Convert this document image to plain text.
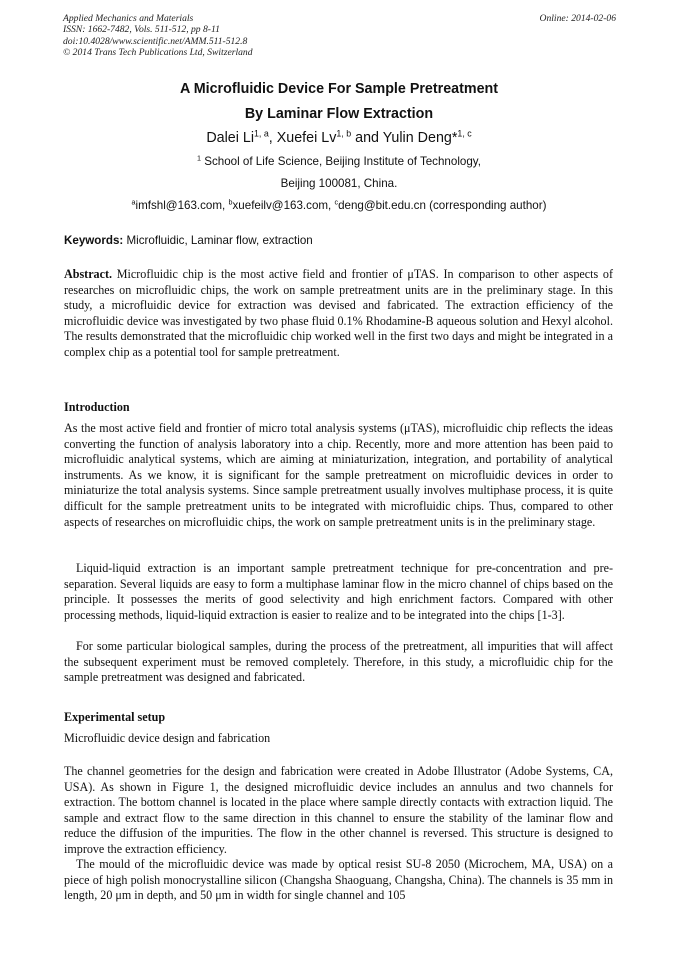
Applied Mechanics and Materials
ISSN: 1662-7482, Vols. 511-512, pp 8-11
doi:10.4028/www.scientific.net/AMM.511-512.8
© 2014 Trans Tech Publications Ltd, Switzerland
Online: 2014-02-06
A Microfluidic Device For Sample Pretreatment
By Laminar Flow Extraction
Dalei Li$^{1, a}$, Xuefei Lv$^{1, b}$ and Yulin Deng*$^{1, c}$
$^1$ School of Life Science, Beijing Institute of Technology,
Beijing 100081, China.
$^a$imfshl@163.com, $^b$xuefeilv@163.com, $^c$deng@bit.edu.cn (corresponding author)
Keywords: Microfluidic, Laminar flow, extraction
Abstract. Microfluidic chip is the most active field and frontier of μTAS. In comparison to other aspects of researches on microfluidic chips, the work on sample pretreatment units are in the preliminary stage. In this study, a microfluidic device for extraction was devised and fabricated. The extraction efficiency of the microfluidic device was investigated by two phase fluid 0.1% Rhodamine-B aqueous solution and Hexyl alcohol. The results demonstrated that the microfluidic chip worked well in the first two days and might be integrated in a complex chip as a potential tool for sample pretreatment.
Introduction
As the most active field and frontier of micro total analysis systems (μTAS), microfluidic chip reflects the ideas converting the function of analysis laboratory into a chip. Recently, more and more attention has been paid to microfluidic analytical systems, which are aiming at miniaturization, integration, and portability of analytical instruments. As we know, it is significant for the sample pretreatment on microfluidic devices in order to miniaturize the total analysis systems. Since sample pretreatment usually involves multiphase process, it is quite difficult for the sample pretreatment units to be integrated with microfluidic chips. Thus, compared to other aspects of researches on microfluidic chips, the work on sample pretreatment units is in the preliminary stage.
Liquid-liquid extraction is an important sample pretreatment technique for pre-concentration and pre-separation. Several liquids are easy to form a multiphase laminar flow in the micro channel of chips based on the principle. It possesses the merits of good selectivity and high enrichment factors. Compared with other processing methods, liquid-liquid extraction is easier to realize and to be integrated into the chips [1-3].
For some particular biological samples, during the process of the pretreatment, all impurities that will affect the subsequent experiment must be removed completely. Therefore, in this study, a microfluidic chip for the sample pretreatment was designed and fabricated.
Experimental setup
Microfluidic device design and fabrication
The channel geometries for the design and fabrication were created in Adobe Illustrator (Adobe Systems, CA, USA). As shown in Figure 1, the designed microfluidic device includes an annulus and two channels for extraction. The bottom channel is located in the place where sample directly contacts with extraction liquid. The sample and extract flow to the same direction in this channel to ensure the stability of the laminar flow and reduce the diffusion of the impurities. The flow in the other channel is reversed. This structure is designed to improve the extraction efficiency.
The mould of the microfluidic device was made by optical resist SU-8 2050 (Microchem, MA, USA) on a piece of high polish monocrystalline silicon (Changsha Shaoguang, Changsha, China). The channels is 35 mm in length, 20 μm in depth, and 50 μm in width for single channel and 105
